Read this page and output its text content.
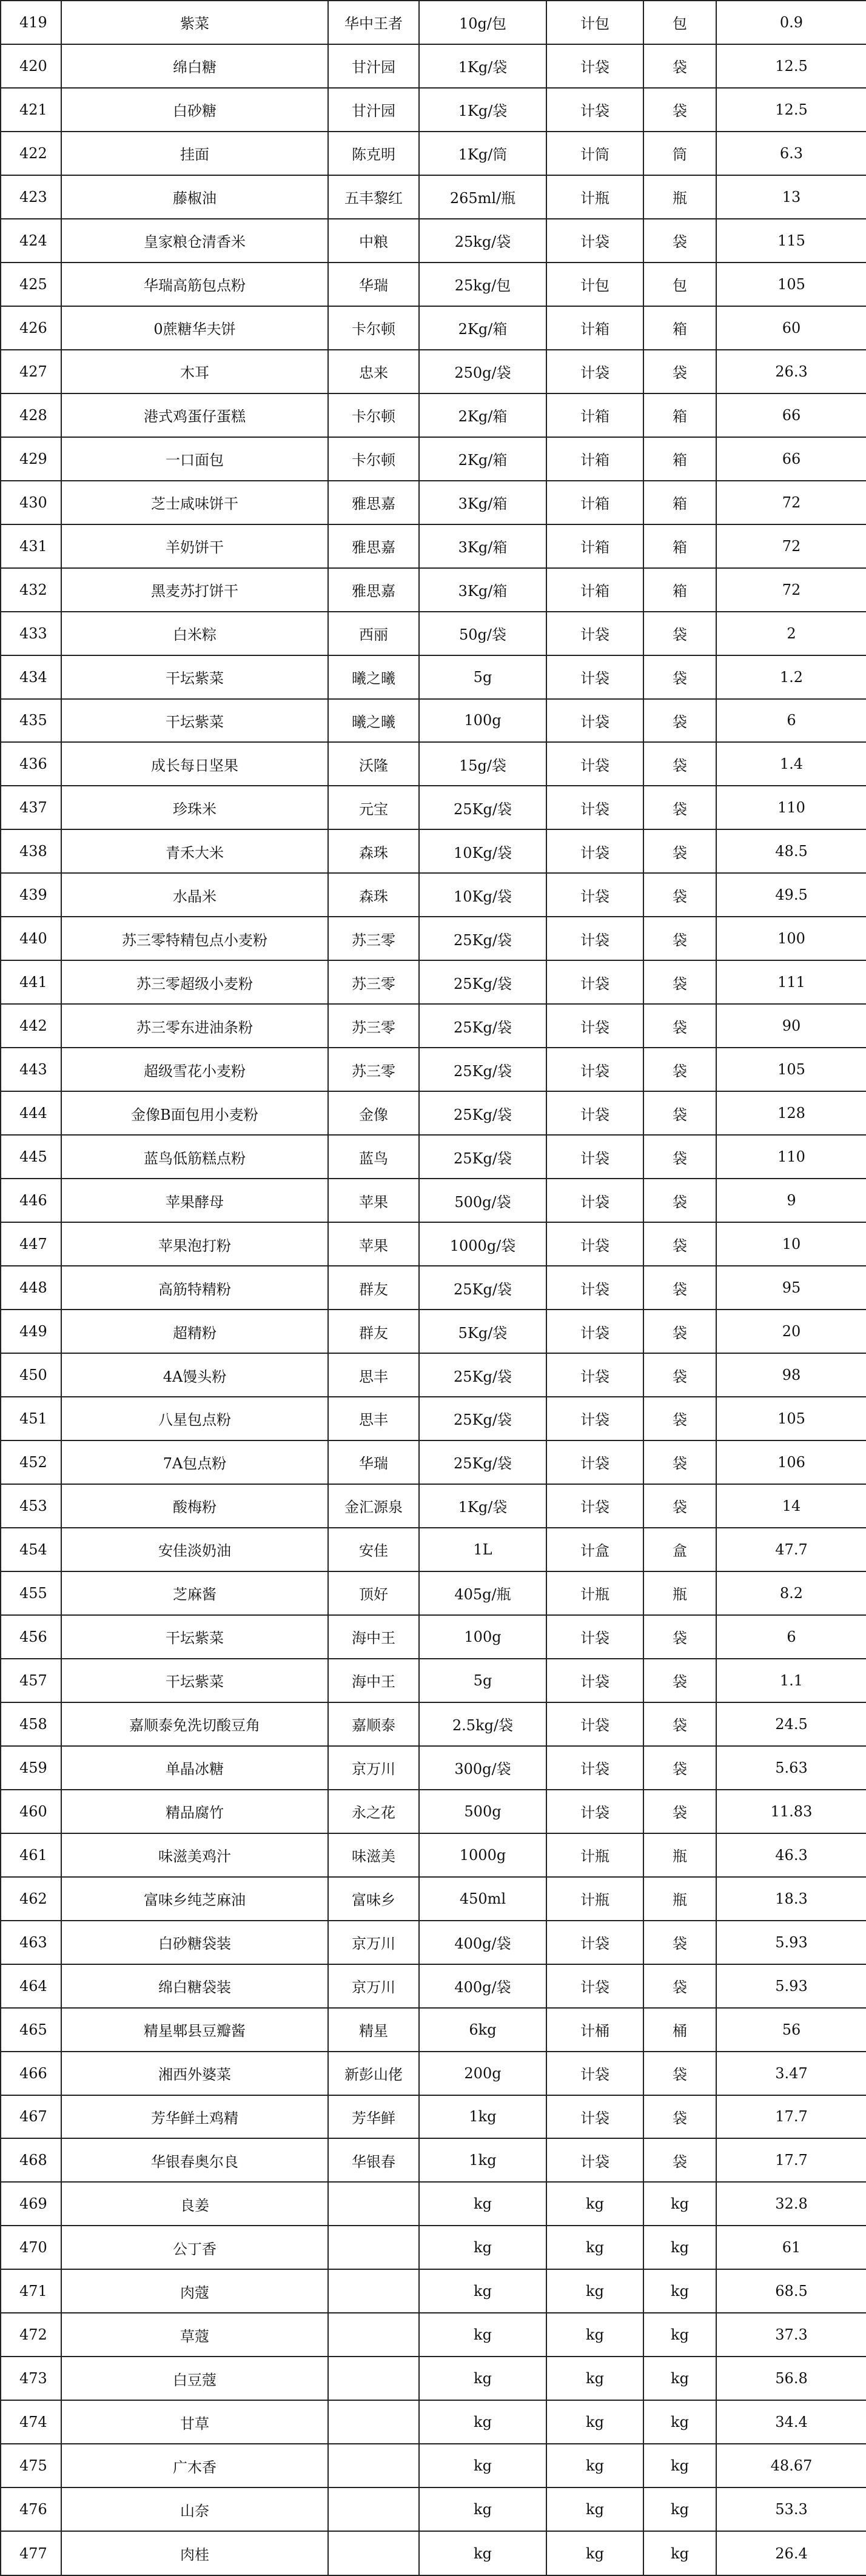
419	紫菜	华中王者	10g/包	计包	包	0.9
420	绵白糖	甘汁园	1Kg/袋	计袋	袋	12.5
421	白砂糖	甘汁园	1Kg/袋	计袋	袋	12.5
422	挂面	陈克明	1Kg/筒	计筒	筒	6.3
423	藤椒油	五丰黎红	265ml/瓶	计瓶	瓶	13
424	皇家粮仓清香米	中粮	25kg/袋	计袋	袋	115
425	华瑞高筋包点粉	华瑞	25kg/包	计包	包	105
426	0蔗糖华夫饼	卡尔顿	2Kg/箱	计箱	箱	60
427	木耳	忠来	250g/袋	计袋	袋	26.3
428	港式鸡蛋仔蛋糕	卡尔顿	2Kg/箱	计箱	箱	66
429	一口面包	卡尔顿	2Kg/箱	计箱	箱	66
430	芝士咸味饼干	雅思嘉	3Kg/箱	计箱	箱	72
431	羊奶饼干	雅思嘉	3Kg/箱	计箱	箱	72
432	黑麦苏打饼干	雅思嘉	3Kg/箱	计箱	箱	72
433	白米粽	西丽	50g/袋	计袋	袋	2
434	干坛紫菜	曦之曦	5g	计袋	袋	1.2
435	干坛紫菜	曦之曦	100g	计袋	袋	6
436	成长每日坚果	沃隆	15g/袋	计袋	袋	1.4
437	珍珠米	元宝	25Kg/袋	计袋	袋	110
438	青禾大米	森珠	10Kg/袋	计袋	袋	48.5
439	水晶米	森珠	10Kg/袋	计袋	袋	49.5
440	苏三零特精包点小麦粉	苏三零	25Kg/袋	计袋	袋	100
441	苏三零超级小麦粉	苏三零	25Kg/袋	计袋	袋	111
442	苏三零东进油条粉	苏三零	25Kg/袋	计袋	袋	90
443	超级雪花小麦粉	苏三零	25Kg/袋	计袋	袋	105
444	金像B面包用小麦粉	金像	25Kg/袋	计袋	袋	128
445	蓝鸟低筋糕点粉	蓝鸟	25Kg/袋	计袋	袋	110
446	苹果酵母	苹果	500g/袋	计袋	袋	9
447	苹果泡打粉	苹果	1000g/袋	计袋	袋	10
448	高筋特精粉	群友	25Kg/袋	计袋	袋	95
449	超精粉	群友	5Kg/袋	计袋	袋	20
450	4A馒头粉	思丰	25Kg/袋	计袋	袋	98
451	八星包点粉	思丰	25Kg/袋	计袋	袋	105
452	7A包点粉	华瑞	25Kg/袋	计袋	袋	106
453	酸梅粉	金汇源泉	1Kg/袋	计袋	袋	14
454	安佳淡奶油	安佳	1L	计盒	盒	47.7
455	芝麻酱	顶好	405g/瓶	计瓶	瓶	8.2
456	干坛紫菜	海中王	100g	计袋	袋	6
457	干坛紫菜	海中王	5g	计袋	袋	1.1
458	嘉顺泰免洗切酸豆角	嘉顺泰	2.5kg/袋	计袋	袋	24.5
459	单晶冰糖	京万川	300g/袋	计袋	袋	5.63
460	精品腐竹	永之花	500g	计袋	袋	11.83
461	味滋美鸡汁	味滋美	1000g	计瓶	瓶	46.3
462	富味乡纯芝麻油	富味乡	450ml	计瓶	瓶	18.3
463	白砂糖袋装	京万川	400g/袋	计袋	袋	5.93
464	绵白糖袋装	京万川	400g/袋	计袋	袋	5.93
465	精星郫县豆瓣酱	精星	6kg	计桶	桶	56
466	湘西外婆菜	新彭山佬	200g	计袋	袋	3.47
467	芳华鲜土鸡精	芳华鲜	1kg	计袋	袋	17.7
468	华银春奥尔良	华银春	1kg	计袋	袋	17.7
469	良姜		kg	kg	kg	32.8
470	公丁香		kg	kg	kg	61
471	肉蔻		kg	kg	kg	68.5
472	草蔻		kg	kg	kg	37.3
473	白豆蔻		kg	kg	kg	56.8
474	甘草		kg	kg	kg	34.4
475	广木香		kg	kg	kg	48.67
476	山奈		kg	kg	kg	53.3
477	肉桂		kg	kg	kg	26.4
